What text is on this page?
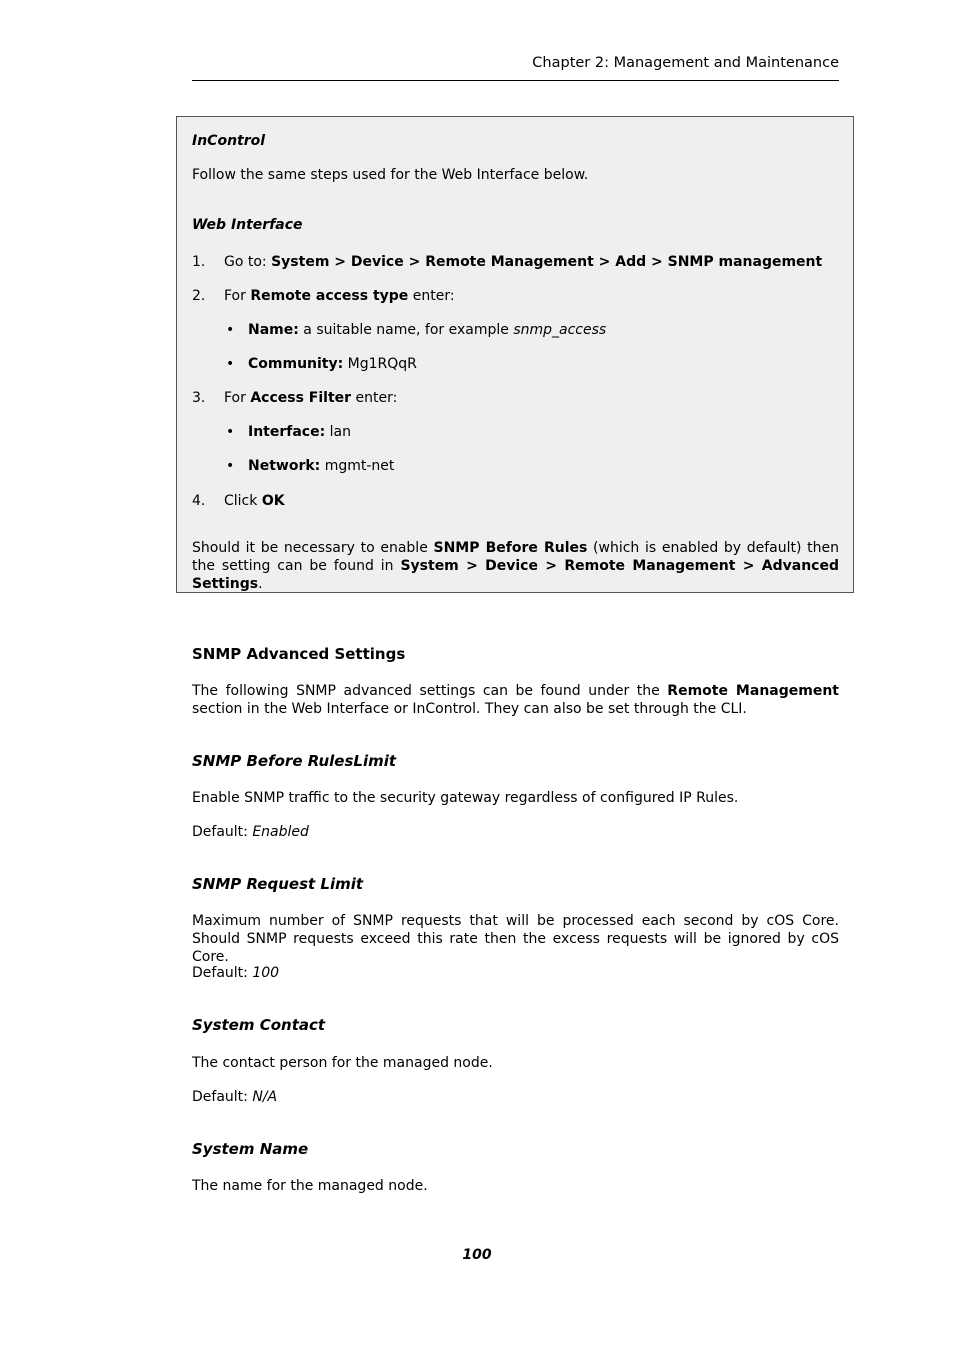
Chapter 2: Management and Maintenance
InControl
Follow the same steps used for the Web Interface below.
Web Interface
1. Go to: System > Device > Remote Management > Add > SNMP management
2. For Remote access type enter:
• Name: a suitable name, for example snmp_access
• Community: Mg1RQqR
3. For Access Filter enter:
• Interface: lan
• Network: mgmt-net
4. Click OK
Should it be necessary to enable SNMP Before Rules (which is enabled by default) then the setting can be found in System > Device > Remote Management > Advanced Settings.
SNMP Advanced Settings
The following SNMP advanced settings can be found under the Remote Management section in the Web Interface or InControl. They can also be set through the CLI.
SNMP Before RulesLimit
Enable SNMP traffic to the security gateway regardless of configured IP Rules.
Default: Enabled
SNMP Request Limit
Maximum number of SNMP requests that will be processed each second by cOS Core. Should SNMP requests exceed this rate then the excess requests will be ignored by cOS Core.
Default: 100
System Contact
The contact person for the managed node.
Default: N/A
System Name
The name for the managed node.
100
